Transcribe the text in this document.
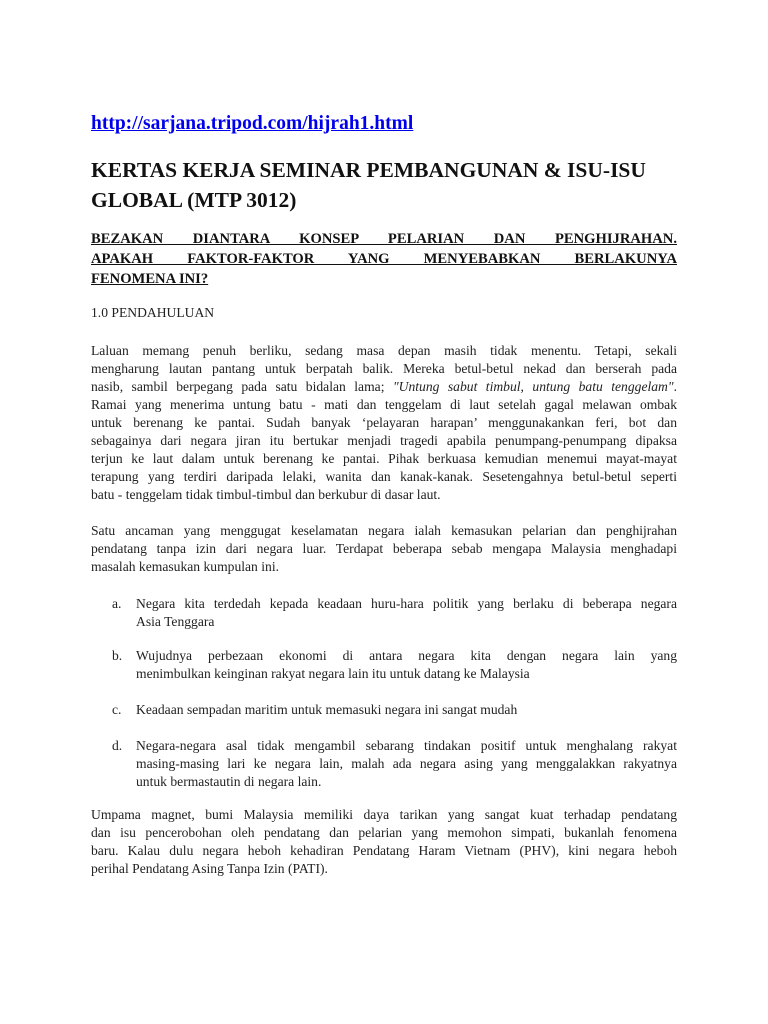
http://sarjana.tripod.com/hijrah1.html
KERTAS KERJA SEMINAR PEMBANGUNAN & ISU-ISU
GLOBAL (MTP 3012)
BEZAKAN DIANTARA KONSEP PELARIAN DAN PENGHIJRAHAN.
APAKAH FAKTOR-FAKTOR YANG MENYEBABKAN BERLAKUNYA
FENOMENA INI?

1.0 PENDAHULUAN

Laluan memang penuh berliku, sedang masa depan masih tidak menentu. Tetapi, sekali
mengharung lautan pantang untuk berpatah balik. Mereka betul-betul nekad dan berserah pada
nasib, sambil berpegang pada satu bidalan lama; "Untung sabut timbul, untung batu tenggelam".
Ramai yang menerima untung batu - mati dan tenggelam di laut setelah gagal melawan ombak
untuk berenang ke pantai. Sudah banyak ‘pelayaran harapan’ menggunakankan feri, bot dan
sebagainya dari negara jiran itu bertukar menjadi tragedi apabila penumpang-penumpang dipaksa
terjun ke laut dalam untuk berenang ke pantai. Pihak berkuasa kemudian menemui mayat-mayat
terapung yang terdiri daripada lelaki, wanita dan kanak-kanak. Sesetengahnya betul-betul seperti
batu - tenggelam tidak timbul-timbul dan berkubur di dasar laut.

Satu ancaman yang menggugat keselamatan negara ialah kemasukan pelarian dan penghijrahan
pendatang tanpa izin dari negara luar. Terdapat beberapa sebab mengapa Malaysia menghadapi
masalah kemasukan kumpulan ini.

a. Negara kita terdedah kepada keadaan huru-hara politik yang berlaku di beberapa negara
Asia Tenggara
b. Wujudnya perbezaan ekonomi di antara negara kita dengan negara lain yang
menimbulkan keinginan rakyat negara lain itu untuk datang ke Malaysia
c. Keadaan sempadan maritim untuk memasuki negara ini sangat mudah
d. Negara-negara asal tidak mengambil sebarang tindakan positif untuk menghalang rakyat
masing-masing lari ke negara lain, malah ada negara asing yang menggalakkan rakyatnya
untuk bermastautin di negara lain.

Umpama magnet, bumi Malaysia memiliki daya tarikan yang sangat kuat terhadap pendatang
dan isu pencerobohan oleh pendatang dan pelarian yang memohon simpati, bukanlah fenomena
baru. Kalau dulu negara heboh kehadiran Pendatang Haram Vietnam (PHV), kini negara heboh
perihal Pendatang Asing Tanpa Izin (PATI).
